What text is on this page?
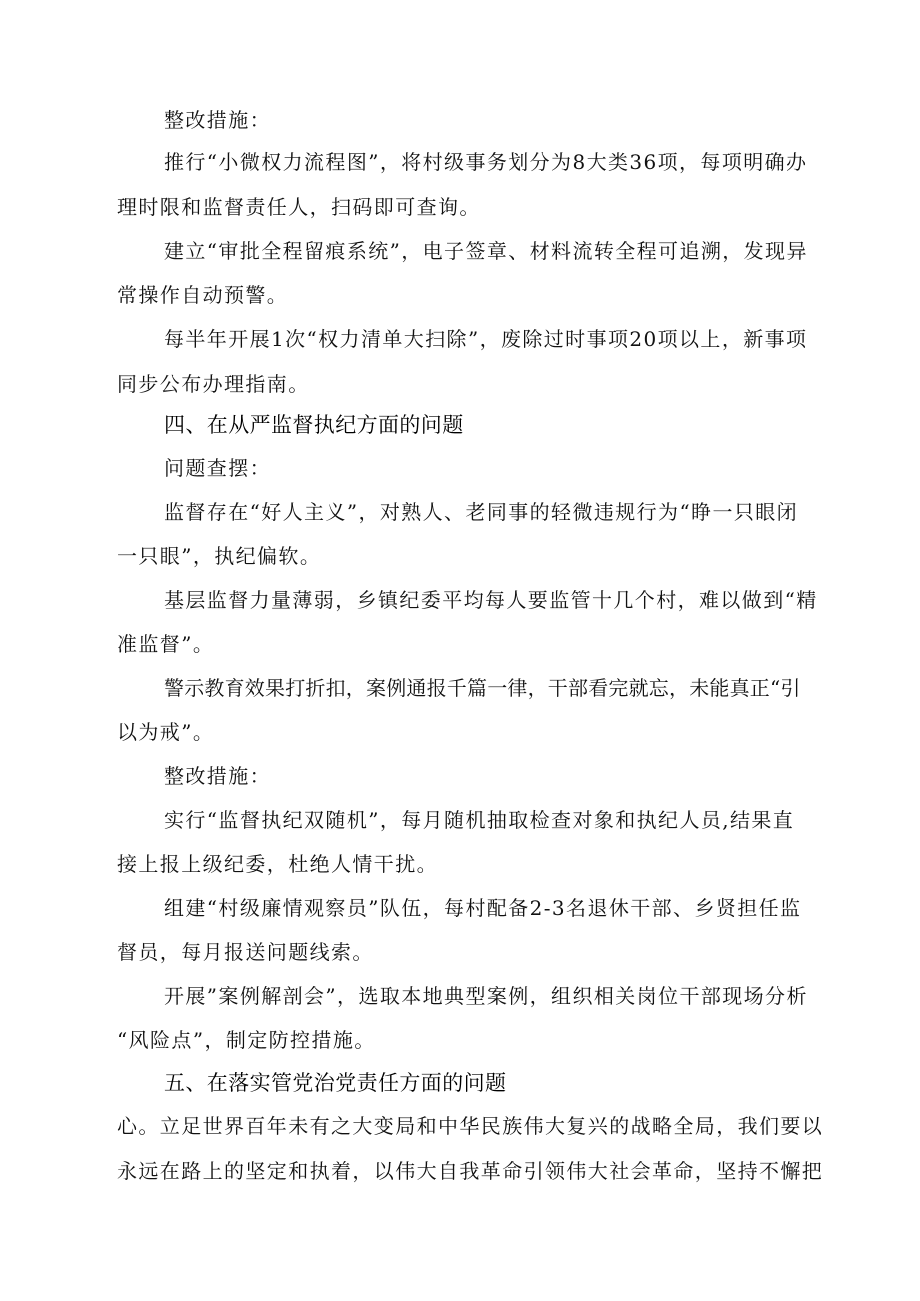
整改措施：
推行“小微权力流程图”，将村级事务划分为8大类36项，每项明确办
理时限和监督责任人，扫码即可查询。
建立“审批全程留痕系统”，电子签章、材料流转全程可追溯，发现异
常操作自动预警。
每半年开展1次“权力清单大扫除”，废除过时事项20项以上，新事项
同步公布办理指南。
四、在从严监督执纪方面的问题
问题查摆：
监督存在“好人主义”，对熟人、老同事的轻微违规行为“睁一只眼闭
一只眼”，执纪偏软。
基层监督力量薄弱，乡镇纪委平均每人要监管十几个村，难以做到“精
准监督”。
警示教育效果打折扣，案例通报千篇一律，干部看完就忘，未能真正“引
以为戒”。
整改措施：
实行“监督执纪双随机”，每月随机抽取检查对象和执纪人员,结果直
接上报上级纪委，杜绝人情干扰。
组建“村级廉情观察员”队伍，每村配备2-3名退休干部、乡贤担任监
督员，每月报送问题线索。
开展”案例解剖会”，选取本地典型案例，组织相关岗位干部现场分析
“风险点”，制定防控措施。
五、在落实管党治党责任方面的问题
心。立足世界百年未有之大变局和中华民族伟大复兴的战略全局，我们要以
永远在路上的坚定和执着，以伟大自我革命引领伟大社会革命，坚持不懈把
